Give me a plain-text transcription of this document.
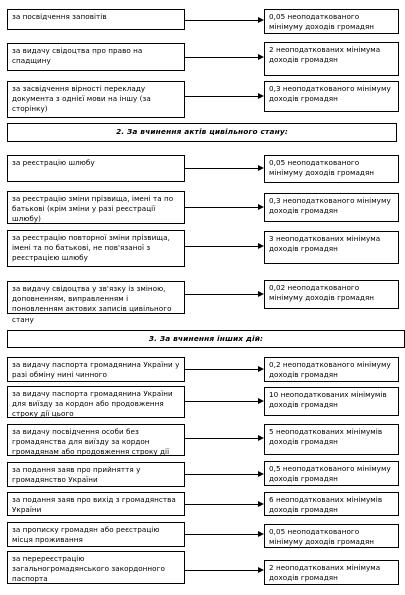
за посвідчення заповітів	0,05 неоподаткованого мінімуму доходів громадян
за видачу свідоцтва про право на спадщину
2 неоподаткованих мінімума доходів громадян
за засвідчення вірності перекладу документа з однієї мови на іншу (за сторінку)
0,3 неоподаткованого мінімуму доходів громадян
2. За вчинення актів цивільного стану:
за реєстрацію шлюбу	0,05 неоподаткованого мінімуму доходів громадян
за реєстрацію зміни прізвища, імені та по батькові (крім зміни у разі реєстрації шлюбу)
0,3 неоподаткованого мінімуму доходів громадян
за реєстрацію повторної зміни прізвища, імені та по батькові, не пов'язаної з реєстрацією шлюбу
3 неоподаткованих мінімума доходів громадян
за видачу свідоцтва у зв'язку із зміною, доповненням, виправленням і поновленням актових записів цивільного стану
0,02 неоподаткованого мінімуму доходів громадян
3. За вчинення інших дій:
за видачу паспорта громадянина України у разі обміну нині чинного
0,2 неоподаткованого мінімуму доходів громадян
за видачу паспорта громадянина України для виїзду за кордон або продовження строку дії цього
10 неоподаткованих мінімумів доходів громадян
за видачу посвідчення особи без громадянства для виїзду за кордон громадянам або продовження строку дії
5 неоподаткованих мінімумів доходів громадян
за подання заяв про прийняття у громадянство України
0,5 неоподаткованого мінімуму доходів громадян
за подання заяв про вихід з громадянства України
6 неоподаткованих мінімумів доходів громадян
за прописку громадян або реєстрацію місця проживання
0,05 неоподаткованого мінімуму доходів громадян
за перереєстрацію загальногромадянського закордонного паспорта
2 неоподаткованих мінімума доходів громадян
